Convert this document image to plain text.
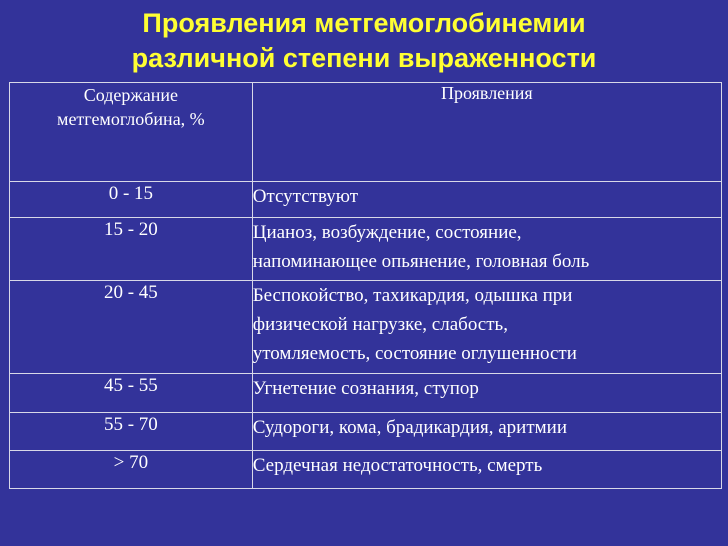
Проявления метгемоглобинемии
различной степени выраженности
Содержание
метгемоглобина, %	Проявления
0 - 15	Отсутствуют
15 - 20	Цианоз, возбуждение, состояние,
напоминающее опьянение, головная боль
20 - 45	Беспокойство, тахикардия, одышка при
физической нагрузке, слабость,
утомляемость, состояние оглушенности
45 - 55	Угнетение сознания, ступор
55 - 70	Судороги, кома, брадикардия, аритмии
> 70	Сердечная недостаточность, смерть
